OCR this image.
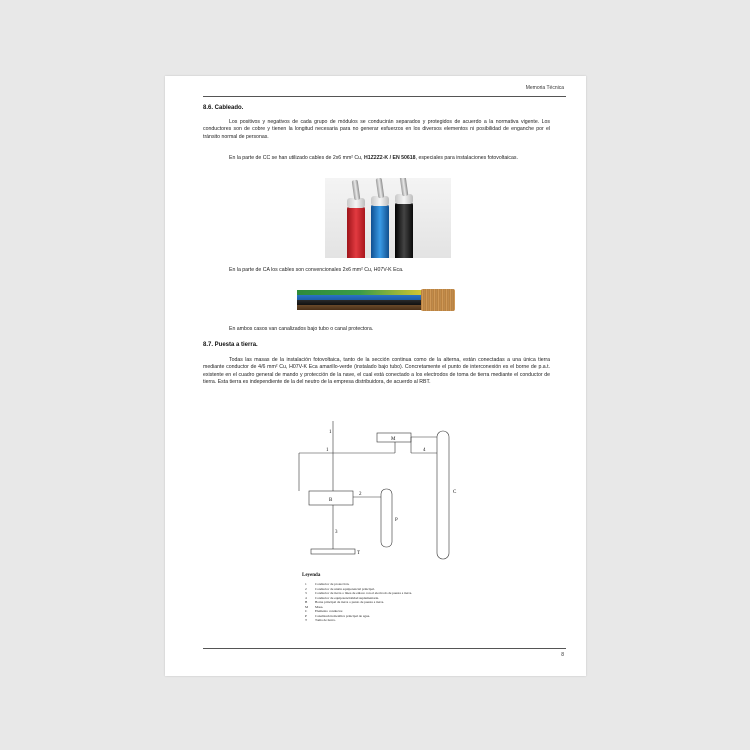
Memoria Técnica
8.6. Cableado.

Los positivos y negativos de cada grupo de módulos se conducirán separados y protegidos de acuerdo a la normativa vigente. Los conductores son de cobre y tienen la longitud necesaria para no generar esfuerzos en los diversos elementos ni posibilidad de enganche por el tránsito normal de personas.

En la parte de CC se han utilizado cables de 2x6 mm² Cu, H1Z2Z2-K / EN 50618, especiales para instalaciones fotovoltaicas.

En la parte de CA los cables son convencionales 2x6 mm² Cu, H07V-K Eca.
En ambos casos van canalizados bajo tubo o canal protectora.
8.7. Puesta a tierra.

Todas las masas de la instalación fotovoltaica, tanto de la sección continua como de la alterna, están conectadas a una única tierra mediante conductor de 4/6 mm² Cu, H07V-K Eca amarillo-verde (instalado bajo tubo). Concretamente el punto de interconexión es el borne de p.a.t. existente en el cuadro general de mando y protección de la nave, el cual está conectado a los electrodos de toma de tierra mediante el conductor de tierra. Esta tierra es independiente de la del neutro de la empresa distribuidora, de acuerdo al RBT.

M
B
P
C
T
1
1
2
3
4
Leyenda
1 Conductor de protección.
2 Conductor de unión equipotencial principal.
3 Conductor de tierra o línea de enlace con el electrodo de puesta a tierra.
4 Conductor de equipotencialidad suplementaria.
B Borne principal de tierra o punto de puesta a tierra.
M Masa.
C Elemento conductor.
P Canalización metálica principal de agua.
T Toma de tierra.
8
